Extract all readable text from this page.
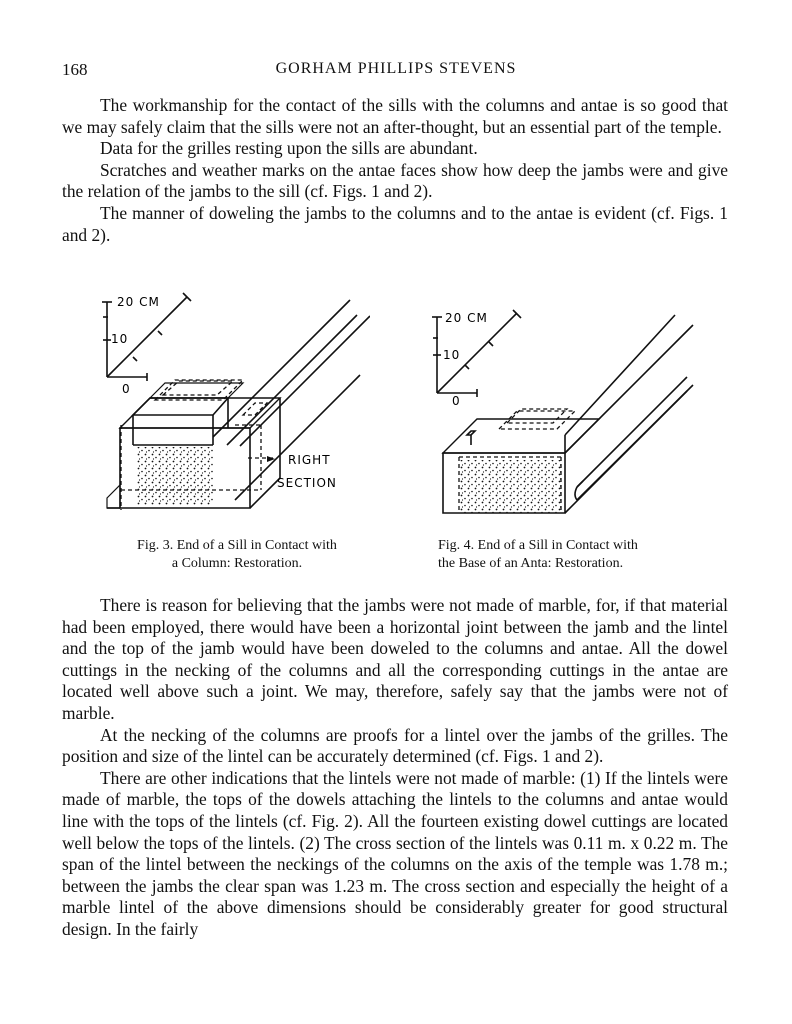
168	GORHAM PHILLIPS STEVENS

The workmanship for the contact of the sills with the columns and antae is so good that we may safely claim that the sills were not an after-thought, but an essential part of the temple.

Data for the grilles resting upon the sills are abundant.

Scratches and weather marks on the antae faces show how deep the jambs were and give the relation of the jambs to the sill (cf. Figs. 1 and 2).

The manner of doweling the jambs to the columns and to the antae is evident (cf. Figs. 1 and 2).

20 CM
10
0
RIGHT
SECTION
Fig. 3. End of a Sill in Contact with
a Column: Restoration.
20 CM
10
0
Fig. 4. End of a Sill in Contact with
the Base of an Anta: Restoration.

There is reason for believing that the jambs were not made of marble, for, if that material had been employed, there would have been a horizontal joint between the jamb and the lintel and the top of the jamb would have been doweled to the columns and antae. All the dowel cuttings in the necking of the columns and all the corresponding cuttings in the antae are located well above such a joint. We may, therefore, safely say that the jambs were not of marble.

At the necking of the columns are proofs for a lintel over the jambs of the grilles. The position and size of the lintel can be accurately determined (cf. Figs. 1 and 2).

There are other indications that the lintels were not made of marble: (1) If the lintels were made of marble, the tops of the dowels attaching the lintels to the columns and antae would line with the tops of the lintels (cf. Fig. 2). All the fourteen existing dowel cuttings are located well below the tops of the lintels. (2) The cross section of the lintels was 0.11 m. x 0.22 m. The span of the lintel between the neckings of the columns on the axis of the temple was 1.78 m.; between the jambs the clear span was 1.23 m. The cross section and especially the height of a marble lintel of the above dimensions should be considerably greater for good structural design. In the fairly
